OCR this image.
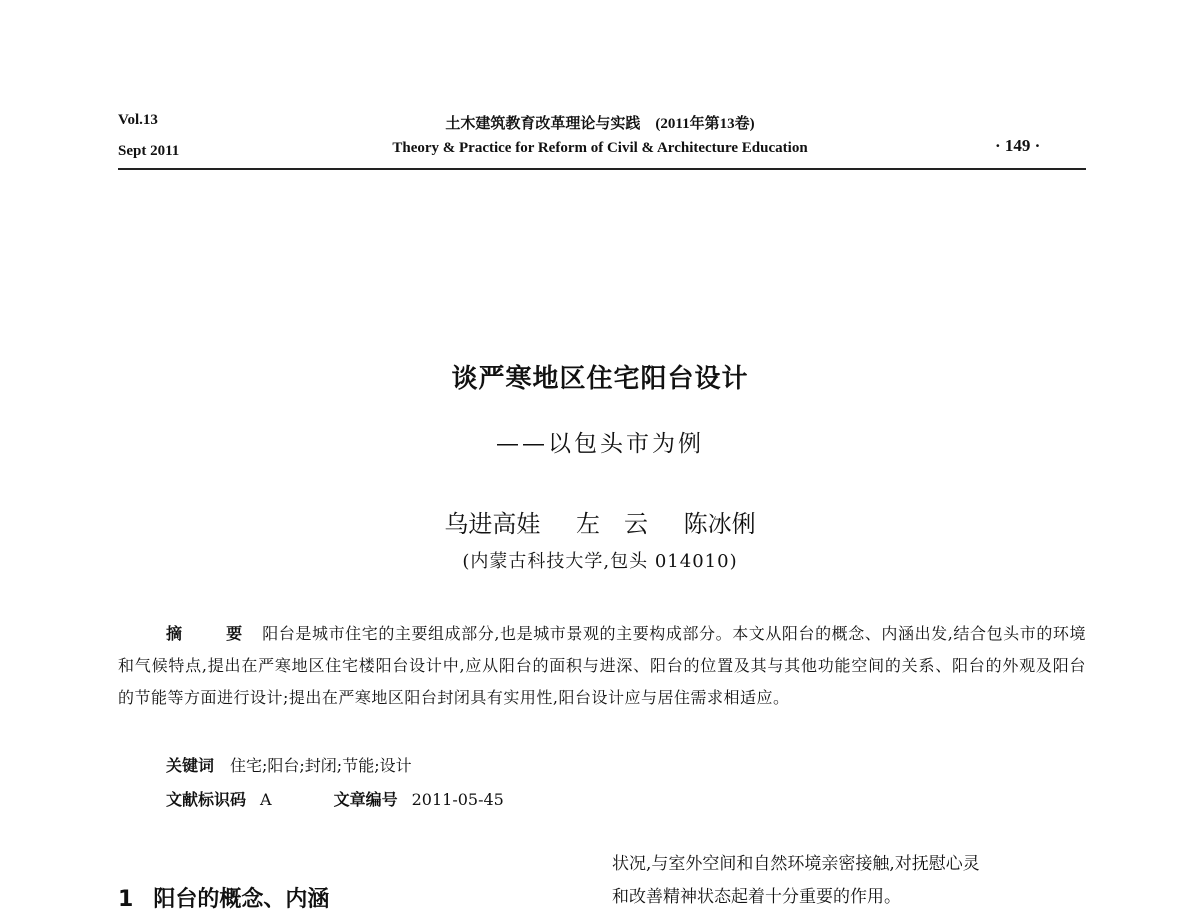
Vol.13
Sept 2011
土木建筑教育改革理论与实践　(2011年第13卷)
Theory & Practice for Reform of Civil & Architecture Education	· 149 ·
谈严寒地区住宅阳台设计
——以包头市为例
乌进高娃 左　云 陈冰俐
(内蒙古科技大学,包头 014010)
摘　要 阳台是城市住宅的主要组成部分,也是城市景观的主要构成部分。本文从阳台的概念、内涵出发,结合包头市的环境和气候特点,提出在严寒地区住宅楼阳台设计中,应从阳台的面积与进深、阳台的位置及其与其他功能空间的关系、阳台的外观及阳台的节能等方面进行设计;提出在严寒地区阳台封闭具有实用性,阳台设计应与居住需求相适应。
关键词 住宅;阳台;封闭;节能;设计
文献标识码 A	文章编号 2011-05-45
1 阳台的概念、内涵
状况,与室外空间和自然环境亲密接触,对抚慰心灵
和改善精神状态起着十分重要的作用。
